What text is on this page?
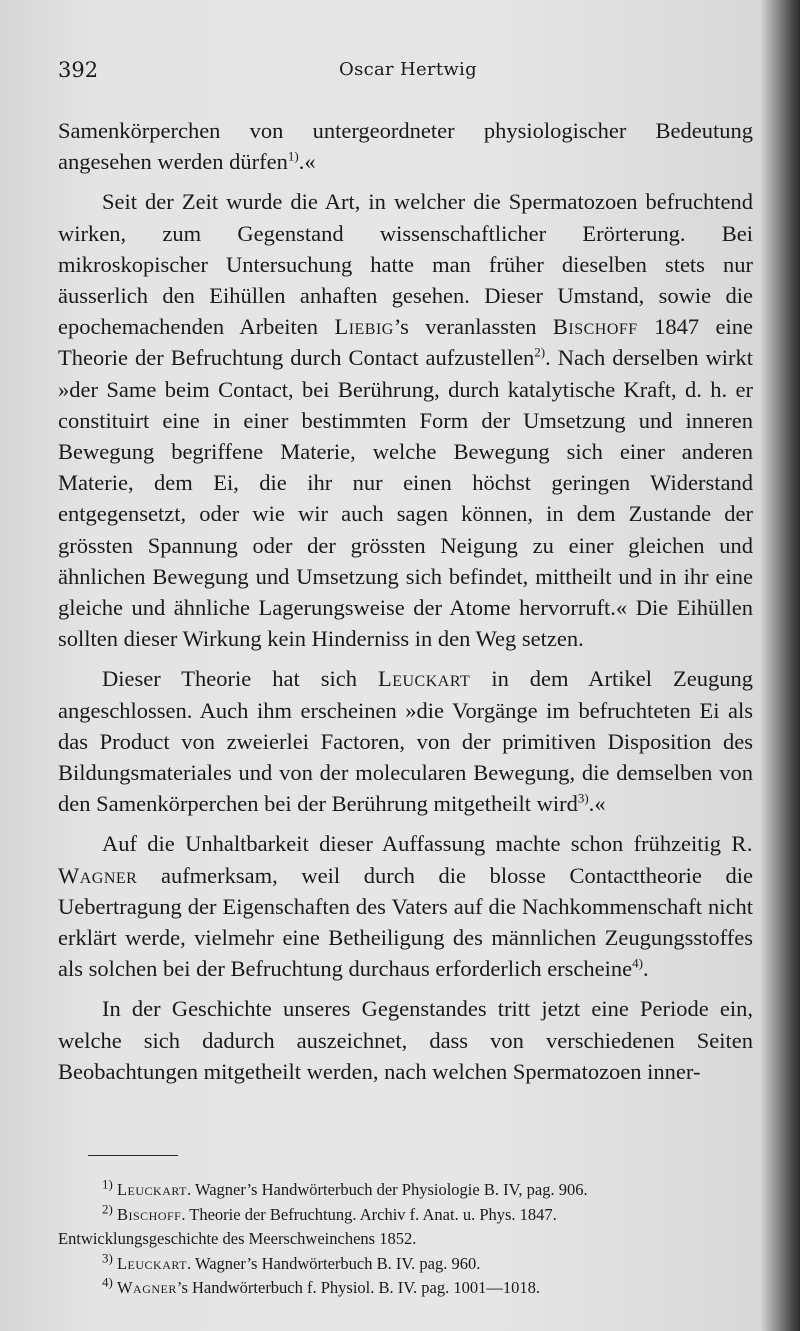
392	Oscar Hertwig

Samenkörperchen von untergeordneter physiologischer Bedeutung angesehen werden dürfen$^{1)}$.«

Seit der Zeit wurde die Art, in welcher die Spermatozoen befruchtend wirken, zum Gegenstand wissenschaftlicher Erörterung. Bei mikroskopischer Untersuchung hatte man früher dieselben stets nur äusserlich den Eihüllen anhaften gesehen. Dieser Umstand, sowie die epochemachenden Arbeiten Liebig’s veranlassten Bischoff 1847 eine Theorie der Befruchtung durch Contact aufzustellen$^{2)}$. Nach derselben wirkt »der Same beim Contact, bei Berührung, durch katalytische Kraft, d. h. er constituirt eine in einer bestimmten Form der Umsetzung und inneren Bewegung begriffene Materie, welche Bewegung sich einer anderen Materie, dem Ei, die ihr nur einen höchst geringen Widerstand entgegensetzt, oder wie wir auch sagen können, in dem Zustande der grössten Spannung oder der grössten Neigung zu einer gleichen und ähnlichen Bewegung und Umsetzung sich befindet, mittheilt und in ihr eine gleiche und ähnliche Lagerungsweise der Atome hervorruft.« Die Eihüllen sollten dieser Wirkung kein Hinderniss in den Weg setzen.

Dieser Theorie hat sich Leuckart in dem Artikel Zeugung angeschlossen. Auch ihm erscheinen »die Vorgänge im befruchteten Ei als das Product von zweierlei Factoren, von der primitiven Disposition des Bildungsmateriales und von der molecularen Bewegung, die demselben von den Samenkörperchen bei der Berührung mitgetheilt wird$^{3)}$.«

Auf die Unhaltbarkeit dieser Auffassung machte schon frühzeitig R. Wagner aufmerksam, weil durch die blosse Contacttheorie die Uebertragung der Eigenschaften des Vaters auf die Nachkommenschaft nicht erklärt werde, vielmehr eine Betheiligung des männlichen Zeugungsstoffes als solchen bei der Befruchtung durchaus erforderlich erscheine$^{4)}$.

In der Geschichte unseres Gegenstandes tritt jetzt eine Periode ein, welche sich dadurch auszeichnet, dass von verschiedenen Seiten Beobachtungen mitgetheilt werden, nach welchen Spermatozoen inner-

$^{1)}$ Leuckart. Wagner’s Handwörterbuch der Physiologie B. IV, pag. 906.

$^{2)}$ Bischoff. Theorie der Befruchtung. Archiv f. Anat. u. Phys. 1847.

Entwicklungsgeschichte des Meerschweinchens 1852.

$^{3)}$ Leuckart. Wagner’s Handwörterbuch B. IV. pag. 960.

$^{4)}$ Wagner’s Handwörterbuch f. Physiol. B. IV. pag. 1001—1018.
